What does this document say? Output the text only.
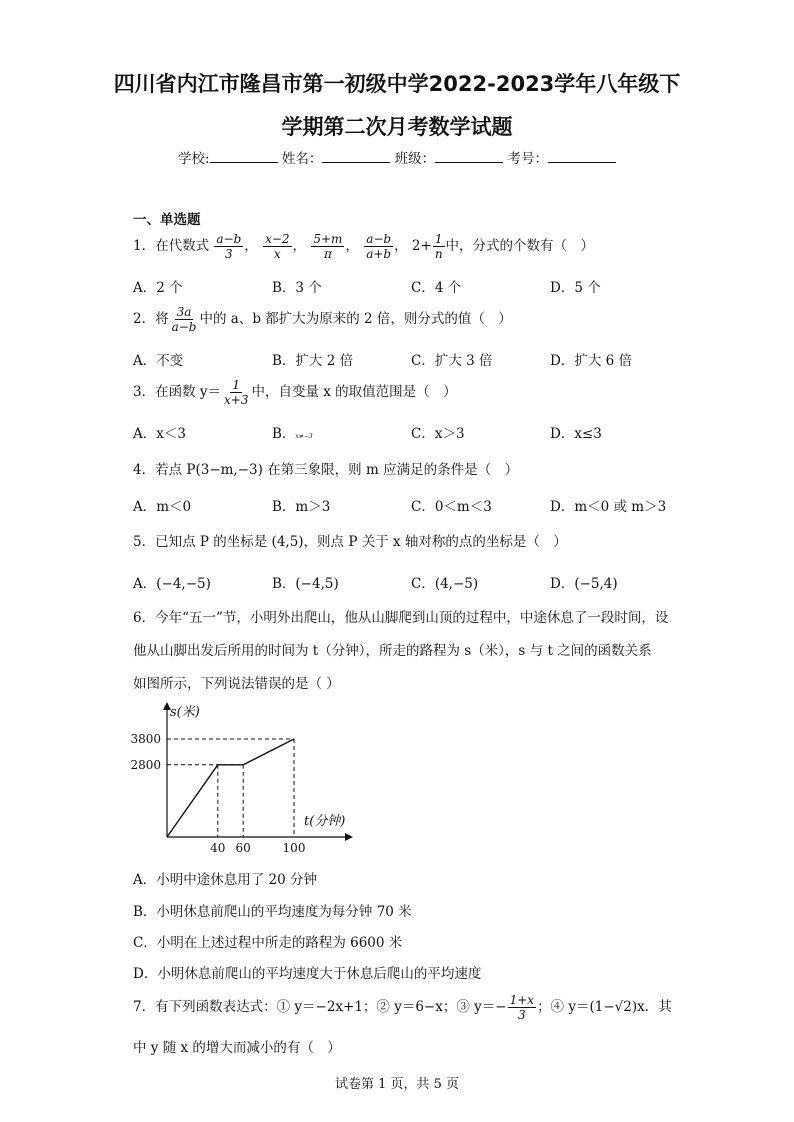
四川省内江市隆昌市第一初级中学2022-2023学年八年级下
学期第二次月考数学试题
学校:	姓名：	班级：	考号：
一、单选题
1．在代数式 $\frac{a-b}{3}$ ， $\frac{x-2}{x}$ ， $\frac{5+m}{\pi}$ ， $\frac{a-b}{a+b}$ ， $2+ \frac{1}{n}$ 中，分式的个数有（　）
A．2 个	B．3 个	C．4 个	D．5 个
2．将 $\frac{3a}{a-b}$ 中的 a、b 都扩大为原来的 2 倍，则分式的值（　）
A．不变	B．扩大 2 倍	C．扩大 3 倍	D．扩大 6 倍
3．在函数 $y= \frac{1}{x+3}$ 中，自变量 x 的取值范围是（　）
A．x＜3	B．x≠−3	C．x＞3	D．x≤3
4．若点 P(3−m,−3) 在第三象限，则 m 应满足的条件是（　）
A．m＜0	B．m＞3	C．0＜m＜3	D．m＜0 或 m＞3
5．已知点 P 的坐标是 (4,5)，则点 P 关于 x 轴对称的点的坐标是（　）
A．(−4,−5)	B．(−4,5)	C．(4,−5)	D．(−5,4)
6．今年“五一”节，小明外出爬山，他从山脚爬到山顶的过程中，中途休息了一段时间，设
他从山脚出发后所用的时间为 t（分钟），所走的路程为 s（米），s 与 t 之间的函数关系
如图所示，下列说法错误的是（ ）
40 60	100
2800
3800
s(米)
t(分钟)
A．小明中途休息用了 20 分钟
B．小明休息前爬山的平均速度为每分钟 70 米
C．小明在上述过程中所走的路程为 6600 米
D．小明休息前爬山的平均速度大于休息后爬山的平均速度
7．有下列函数表达式：① y＝−2x+1；② y＝6−x；③ $y=- \frac{1+x}{3}$ ；④ y＝(1−√2)x．其
中 y 随 x 的增大而减小的有（　）
试卷第 1 页，共 5 页
